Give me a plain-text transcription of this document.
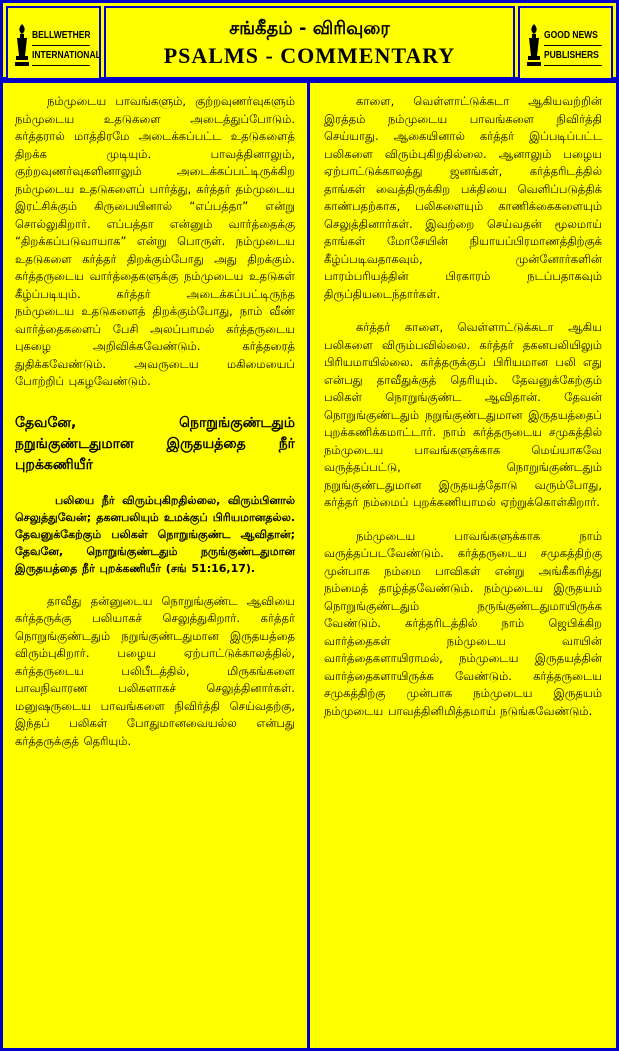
BELLWETHER
INTERNATIONAL
சங்கீதம் - விரிவுரை
PSALMS - COMMENTARY
GOOD NEWS
PUBLISHERS

நம்முடைய பாவங்களும், குற்றவுணர்வுகளும் நம்முடைய உதடுகளை அடைத்துப்போடும். கர்த்தரால் மாத்திரமே அடைக்கப்பட்ட உதடுகளைத் திறக்க முடியும். பாவத்தினாலும், குற்றவுணர்வுகளினாலும் அடைக்கப்பட்டிருக்கிற நம்முடைய உதடுகளைப் பார்த்து, கர்த்தர் தம்முடைய இரட்சிக்கும் கிருபையினால் “எப்பத்தா” என்று சொல்லுகிறார். எப்பத்தா என்னும் வார்த்தைக்கு “திறக்கப்படுவாயாக” என்று பொருள். நம்முடைய உதடுகளை கர்த்தர் திறக்கும்போது அது திறக்கும். கர்த்தருடைய வார்த்தைகளுக்கு நம்முடைய உதடுகள் கீழ்ப்படியும். கர்த்தர் அடைக்கப்பட்டிருந்த நம்முடைய உதடுகளைத் திறக்கும்போது, நாம் வீண் வார்த்தைகளைப் பேசி அலப்பாமல் கர்த்தருடைய புகழை அறிவிக்கவேண்டும். கர்த்தரைத் துதிக்கவேண்டும். அவருடைய மகிமையைப் போற்றிப் புகழவேண்டும்.

தேவனே, நொறுங்குண்டதும் நறுங்குண்டதுமான இருதயத்தை நீர் புறக்கணியீர்

பலியை நீர் விரும்புகிறதில்லை, விரும்பினால் செலுத்துவேன்; தகனபலியும் உமக்குப் பிரியமானதல்ல. தேவனுக்கேற்கும் பலிகள் நொறுங்குண்ட ஆவிதான்; தேவனே, நொறுங்குண்டதும் நருங்குண்டதுமான இருதயத்தை நீர் புறக்கணியீர் (சங் 51:16,17).

தாவீது தன்னுடைய நொறுங்குண்ட ஆவியை கர்த்தருக்கு பலியாகச் செலுத்துகிறார். கர்த்தர் நொறுங்குண்டதும் நறுங்குண்டதுமான இருதயத்தை விரும்புகிறார். பழைய ஏற்பாட்டுக்காலத்தில், கர்த்தருடைய பலிபீடத்தில், மிருகங்களை பாவநிவாரண பலிகளாகச் செலுத்தினார்கள். மனுஷருடைய பாவங்களை நிவிர்த்தி செய்வதற்கு, இந்தப் பலிகள் போதுமானவையல்ல என்பது கர்த்தருக்குத் தெரியும்.

காளை, வெள்ளாட்டுக்கடா ஆகியவற்றின் இரத்தம் நம்முடைய பாவங்களை நிவிர்த்தி செய்யாது. ஆகையினால் கர்த்தர் இப்படிப்பட்ட பலிகளை விரும்புகிறதில்லை. ஆனாலும் பழைய ஏற்பாட்டுக்காலத்து ஜனங்கள், கர்த்தரிடத்தில் தாங்கள் வைத்திருக்கிற பக்தியை வெளிப்படுத்திக் காண்பதற்காக, பலிகளையும் காணிக்கைகளையும் செலுத்தினார்கள். இவற்றை செய்வதன் மூலமாய் தாங்கள் மோசேயின் நியாயப்பிரமாணத்திற்குக் கீழ்ப்படிவதாகவும், முன்னோர்களின் பாரம்பரியத்தின் பிரகாரம் நடப்பதாகவும் திருப்தியடைந்தார்கள்.

கர்த்தர் காளை, வெள்ளாட்டுக்கடா ஆகிய பலிகளை விரும்பவில்லை. கர்த்தர் தகனபலியிலும் பிரியமாயில்லை. கர்த்தருக்குப் பிரியமான பலி எது என்பது தாவீதுக்குத் தெரியும். தேவனுக்கேற்கும் பலிகள் நொறுங்குண்ட ஆவிதான். தேவன் நொறுங்குண்டதும் நறுங்குண்டதுமான இருதயத்தைப் புறக்கணிக்கமாட்டார். நாம் கர்த்தருடைய சமுகத்தில் நம்முடைய பாவங்களுக்காக மெய்யாகவே வருத்தப்பட்டு, நொறுங்குண்டதும் நறுங்குண்டதுமான இருதயத்தோடு வரும்போது, கர்த்தர் நம்மைப் புறக்கணியாமல் ஏற்றுக்கொள்கிறார்.

நம்முடைய பாவங்களுக்காக நாம் வருத்தப்படவேண்டும். கர்த்தருடைய சமுகத்திற்கு முன்பாக நம்மை பாவிகள் என்று அங்கீகரித்து நம்மைத் தாழ்த்தவேண்டும். நம்முடைய இருதயம் நொறுங்குண்டதும் நருங்குண்டதுமாயிருக்க வேண்டும். கர்த்தரிடத்தில் நாம் ஜெபிக்கிற வார்த்தைகள் நம்முடைய வாயின் வார்த்தைகளாயிராமல், நம்முடைய இருதயத்தின் வார்த்தைகளாயிருக்க வேண்டும். கர்த்தருடைய சமுகத்திற்கு முன்பாக நம்முடைய இருதயம் நம்முடைய பாவத்தினிமித்தமாய் நடுங்கவேண்டும்.
